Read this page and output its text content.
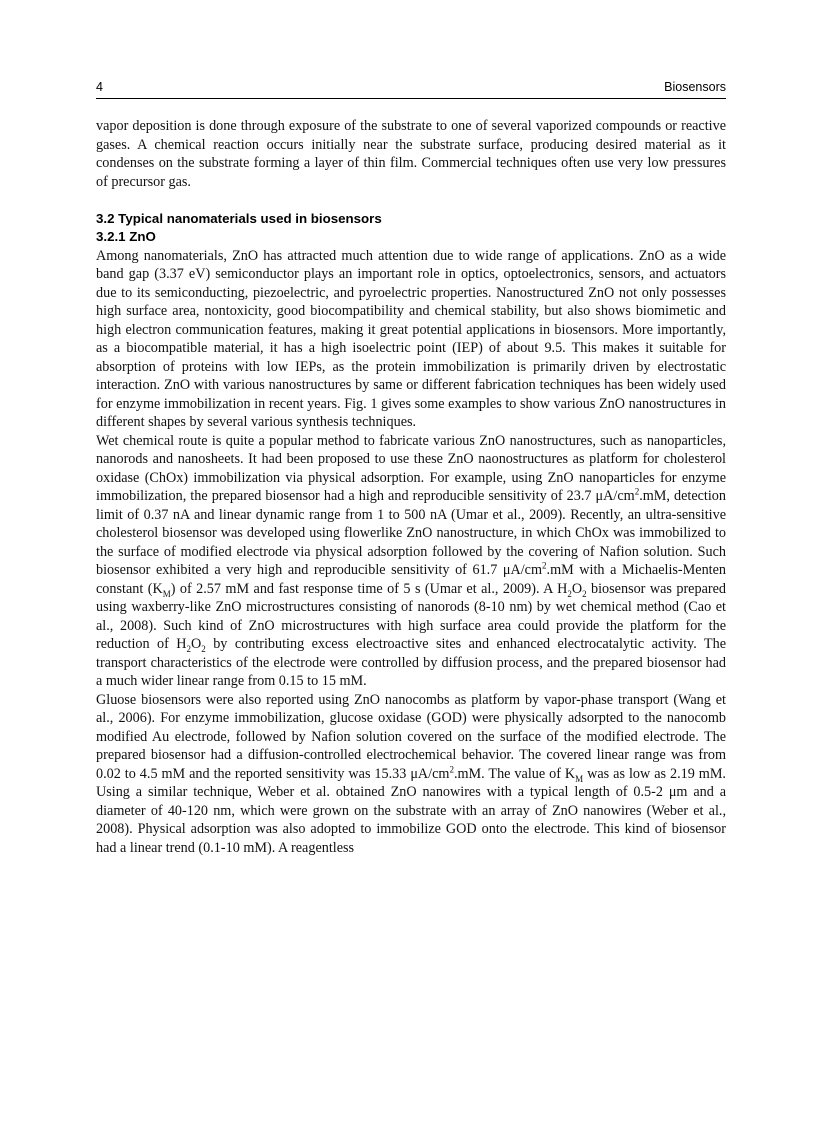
4	Biosensors

vapor deposition is done through exposure of the substrate to one of several vaporized compounds or reactive gases. A chemical reaction occurs initially near the substrate surface, producing desired material as it condenses on the substrate forming a layer of thin film. Commercial techniques often use very low pressures of precursor gas.

3.2 Typical nanomaterials used in biosensors

3.2.1 ZnO

Among nanomaterials, ZnO has attracted much attention due to wide range of applications. ZnO as a wide band gap (3.37 eV) semiconductor plays an important role in optics, optoelectronics, sensors, and actuators due to its semiconducting, piezoelectric, and pyroelectric properties. Nanostructured ZnO not only possesses high surface area, nontoxicity, good biocompatibility and chemical stability, but also shows biomimetic and high electron communication features, making it great potential applications in biosensors. More importantly, as a biocompatible material, it has a high isoelectric point (IEP) of about 9.5. This makes it suitable for absorption of proteins with low IEPs, as the protein immobilization is primarily driven by electrostatic interaction. ZnO with various nanostructures by same or different fabrication techniques has been widely used for enzyme immobilization in recent years. Fig. 1 gives some examples to show various ZnO nanostructures in different shapes by several various synthesis techniques.

Wet chemical route is quite a popular method to fabricate various ZnO nanostructures, such as nanoparticles, nanorods and nanosheets. It had been proposed to use these ZnO naonostructures as platform for cholesterol oxidase (ChOx) immobilization via physical adsorption. For example, using ZnO nanoparticles for enzyme immobilization, the prepared biosensor had a high and reproducible sensitivity of 23.7 $\mu A/cm^2.mM$, detection limit of 0.37 nA and linear dynamic range from 1 to 500 nA (Umar et al., 2009). Recently, an ultra-sensitive cholesterol biosensor was developed using flowerlike ZnO nanostructure, in which ChOx was immobilized to the surface of modified electrode via physical adsorption followed by the covering of Nafion solution. Such biosensor exhibited a very high and reproducible sensitivity of 61.7 $\mu A/cm^2.mM$ with a Michaelis-Menten constant $(K_M)$ of 2.57 mM and fast response time of 5 s (Umar et al., 2009). A $H_2O_2$ biosensor was prepared using waxberry-like ZnO microstructures consisting of nanorods (8-10 nm) by wet chemical method (Cao et al., 2008). Such kind of ZnO microstructures with high surface area could provide the platform for the reduction of $H_2O_2$ by contributing excess electroactive sites and enhanced electrocatalytic activity. The transport characteristics of the electrode were controlled by diffusion process, and the prepared biosensor had a much wider linear range from 0.15 to 15 mM.

Gluose biosensors were also reported using ZnO nanocombs as platform by vapor-phase transport (Wang et al., 2006). For enzyme immobilization, glucose oxidase (GOD) were physically adsorpted to the nanocomb modified Au electrode, followed by Nafion solution covered on the surface of the modified electrode. The prepared biosensor had a diffusion-controlled electrochemical behavior. The covered linear range was from 0.02 to 4.5 mM and the reported sensitivity was 15.33 $\mu A/cm^2.mM$. The value of $K_M$ was as low as 2.19 mM. Using a similar technique, Weber et al. obtained ZnO nanowires with a typical length of 0.5-2 μm and a diameter of 40-120 nm, which were grown on the substrate with an array of ZnO nanowires (Weber et al., 2008). Physical adsorption was also adopted to immobilize GOD onto the electrode. This kind of biosensor had a linear trend (0.1-10 mM). A reagentless
